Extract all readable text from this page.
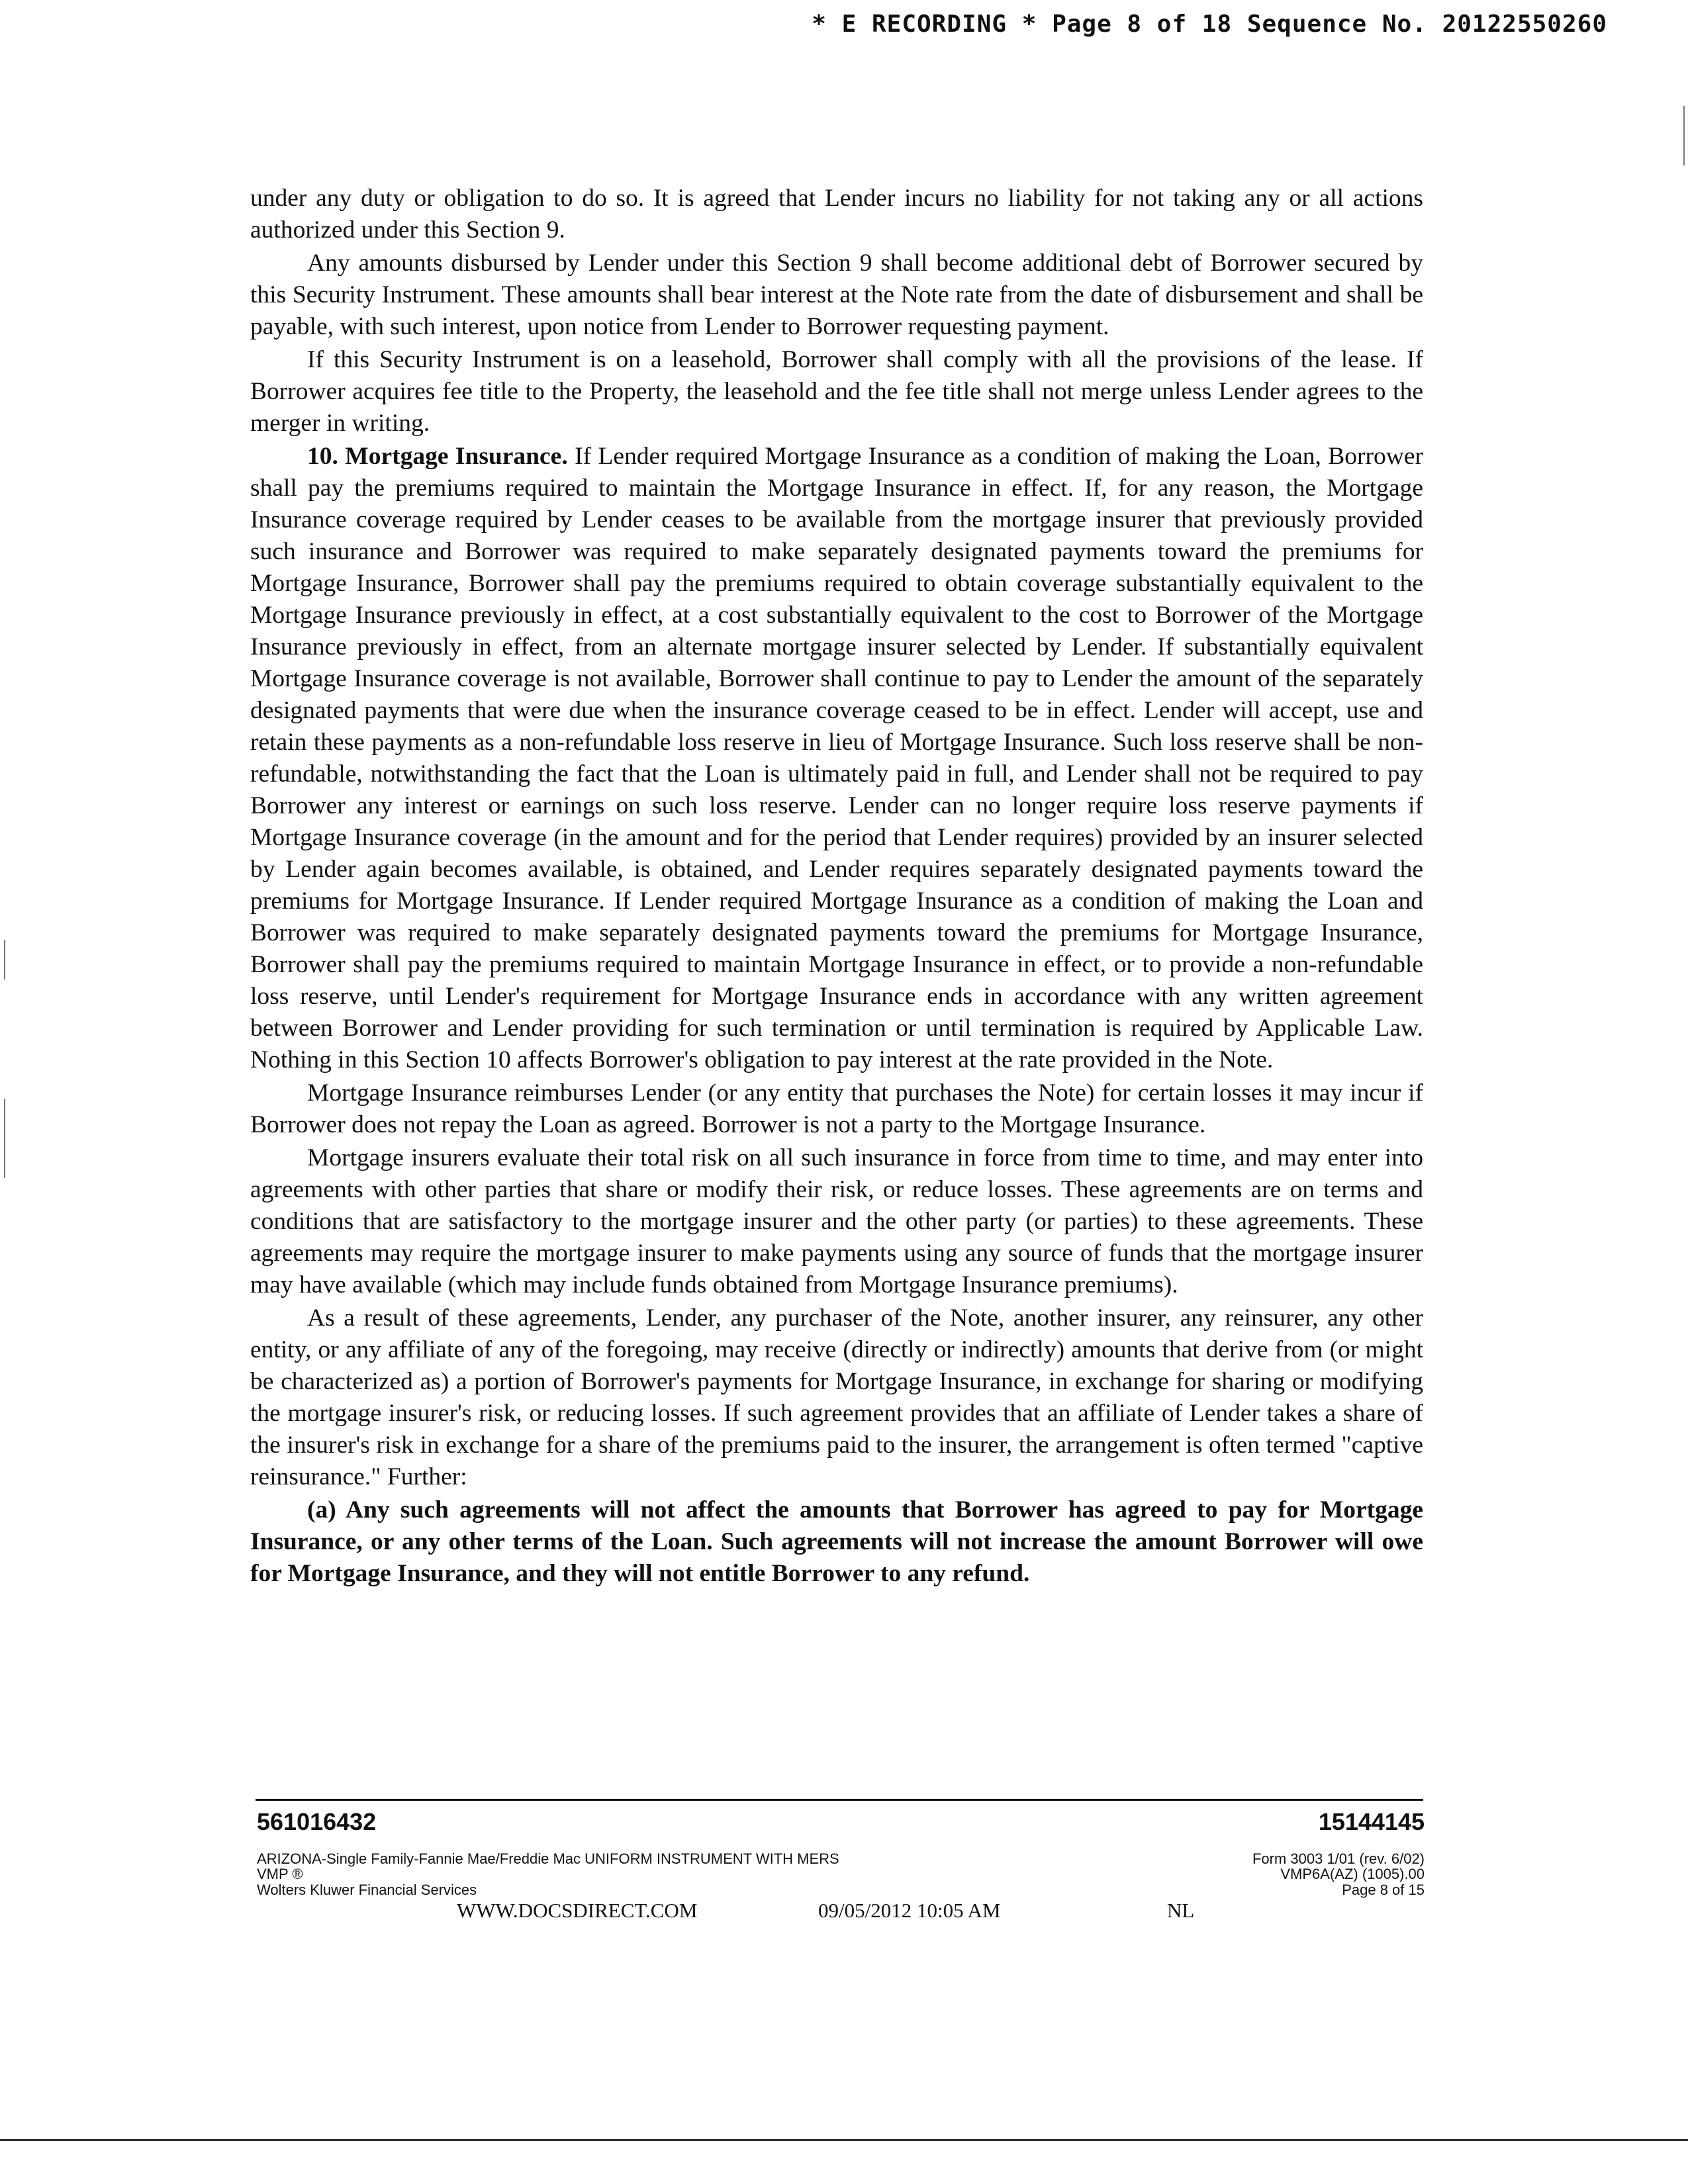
* E RECORDING * Page 8 of 18 Sequence No. 20122550260

under any duty or obligation to do so. It is agreed that Lender incurs no liability for not taking any or all actions authorized under this Section 9.

Any amounts disbursed by Lender under this Section 9 shall become additional debt of Borrower secured by this Security Instrument. These amounts shall bear interest at the Note rate from the date of disbursement and shall be payable, with such interest, upon notice from Lender to Borrower requesting payment.

If this Security Instrument is on a leasehold, Borrower shall comply with all the provisions of the lease. If Borrower acquires fee title to the Property, the leasehold and the fee title shall not merge unless Lender agrees to the merger in writing.

10. Mortgage Insurance. If Lender required Mortgage Insurance as a condition of making the Loan, Borrower shall pay the premiums required to maintain the Mortgage Insurance in effect. If, for any reason, the Mortgage Insurance coverage required by Lender ceases to be available from the mortgage insurer that previously provided such insurance and Borrower was required to make separately designated payments toward the premiums for Mortgage Insurance, Borrower shall pay the premiums required to obtain coverage substantially equivalent to the Mortgage Insurance previously in effect, at a cost substantially equivalent to the cost to Borrower of the Mortgage Insurance previously in effect, from an alternate mortgage insurer selected by Lender. If substantially equivalent Mortgage Insurance coverage is not available, Borrower shall continue to pay to Lender the amount of the separately designated payments that were due when the insurance coverage ceased to be in effect. Lender will accept, use and retain these payments as a non-refundable loss reserve in lieu of Mortgage Insurance. Such loss reserve shall be non-refundable, notwithstanding the fact that the Loan is ultimately paid in full, and Lender shall not be required to pay Borrower any interest or earnings on such loss reserve. Lender can no longer require loss reserve payments if Mortgage Insurance coverage (in the amount and for the period that Lender requires) provided by an insurer selected by Lender again becomes available, is obtained, and Lender requires separately designated payments toward the premiums for Mortgage Insurance. If Lender required Mortgage Insurance as a condition of making the Loan and Borrower was required to make separately designated payments toward the premiums for Mortgage Insurance, Borrower shall pay the premiums required to maintain Mortgage Insurance in effect, or to provide a non-refundable loss reserve, until Lender's requirement for Mortgage Insurance ends in accordance with any written agreement between Borrower and Lender providing for such termination or until termination is required by Applicable Law. Nothing in this Section 10 affects Borrower's obligation to pay interest at the rate provided in the Note.

Mortgage Insurance reimburses Lender (or any entity that purchases the Note) for certain losses it may incur if Borrower does not repay the Loan as agreed. Borrower is not a party to the Mortgage Insurance.

Mortgage insurers evaluate their total risk on all such insurance in force from time to time, and may enter into agreements with other parties that share or modify their risk, or reduce losses. These agreements are on terms and conditions that are satisfactory to the mortgage insurer and the other party (or parties) to these agreements. These agreements may require the mortgage insurer to make payments using any source of funds that the mortgage insurer may have available (which may include funds obtained from Mortgage Insurance premiums).

As a result of these agreements, Lender, any purchaser of the Note, another insurer, any reinsurer, any other entity, or any affiliate of any of the foregoing, may receive (directly or indirectly) amounts that derive from (or might be characterized as) a portion of Borrower's payments for Mortgage Insurance, in exchange for sharing or modifying the mortgage insurer's risk, or reducing losses. If such agreement provides that an affiliate of Lender takes a share of the insurer's risk in exchange for a share of the premiums paid to the insurer, the arrangement is often termed "captive reinsurance." Further:

(a) Any such agreements will not affect the amounts that Borrower has agreed to pay for Mortgage Insurance, or any other terms of the Loan. Such agreements will not increase the amount Borrower will owe for Mortgage Insurance, and they will not entitle Borrower to any refund.

561016432	15144145
ARIZONA-Single Family-Fannie Mae/Freddie Mac UNIFORM INSTRUMENT WITH MERS
VMP ®
Wolters Kluwer Financial Services
Form 3003 1/01 (rev. 6/02)
VMP6A(AZ) (1005).00
Page 8 of 15
WWW.DOCSDIRECT.COM	09/05/2012 10:05 AM	NL
